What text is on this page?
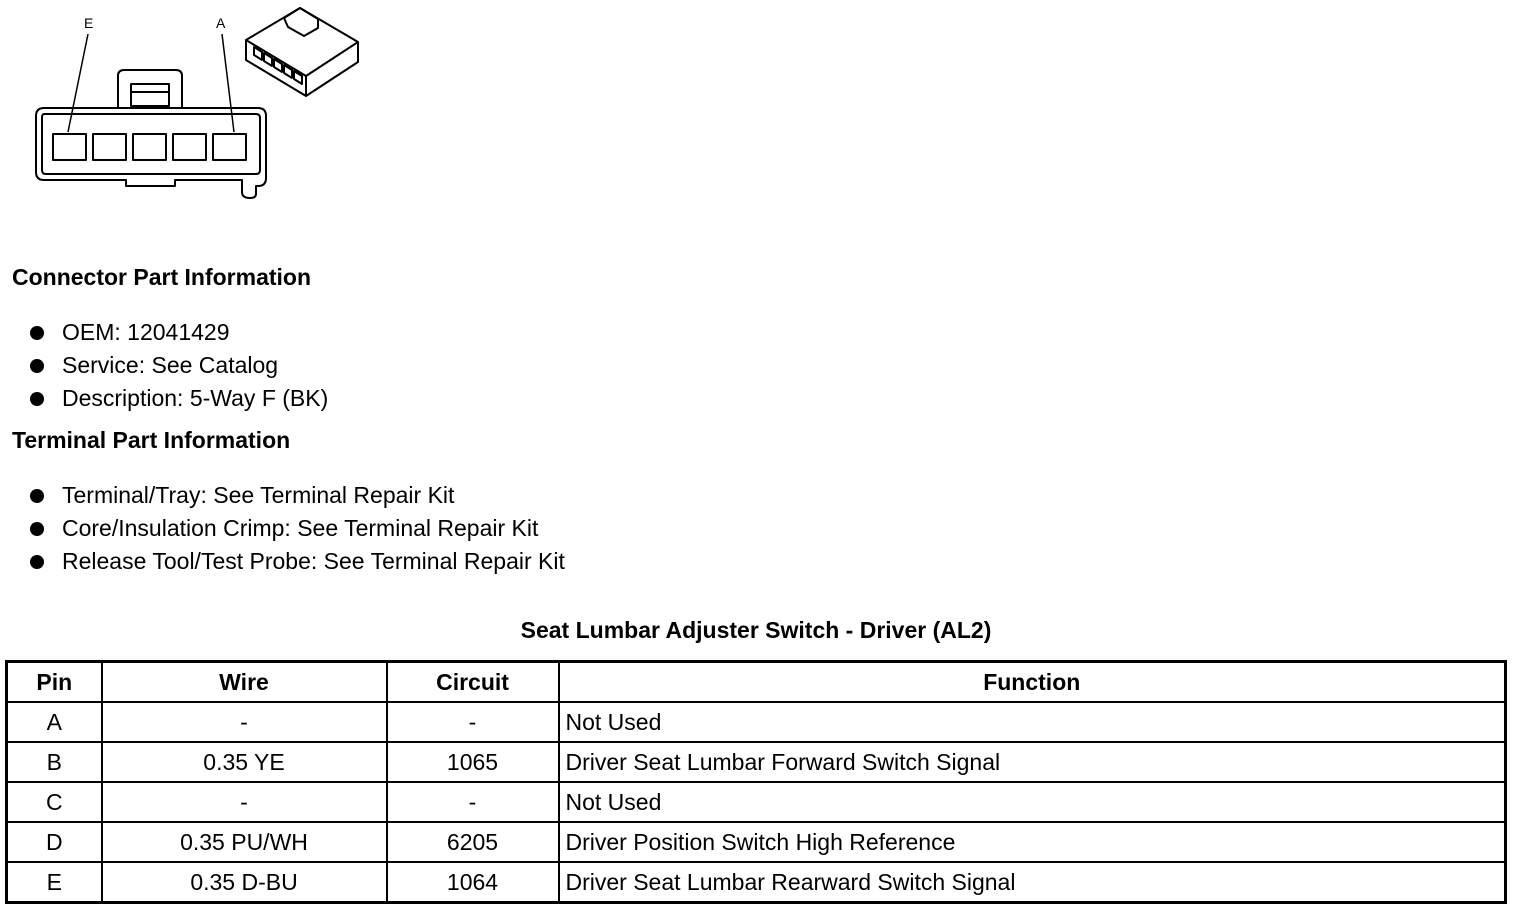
E	A
Connector Part Information
OEM: 12041429
Service: See Catalog
Description: 5-Way F (BK)
Terminal Part Information
Terminal/Tray: See Terminal Repair Kit
Core/Insulation Crimp: See Terminal Repair Kit
Release Tool/Test Probe: See Terminal Repair Kit
Seat Lumbar Adjuster Switch - Driver (AL2)
Pin	Wire	Circuit	Function
A	-	-	Not Used
B	0.35 YE	1065	Driver Seat Lumbar Forward Switch Signal
C	-	-	Not Used
D	0.35 PU/WH	6205	Driver Position Switch High Reference
E	0.35 D-BU	1064	Driver Seat Lumbar Rearward Switch Signal
